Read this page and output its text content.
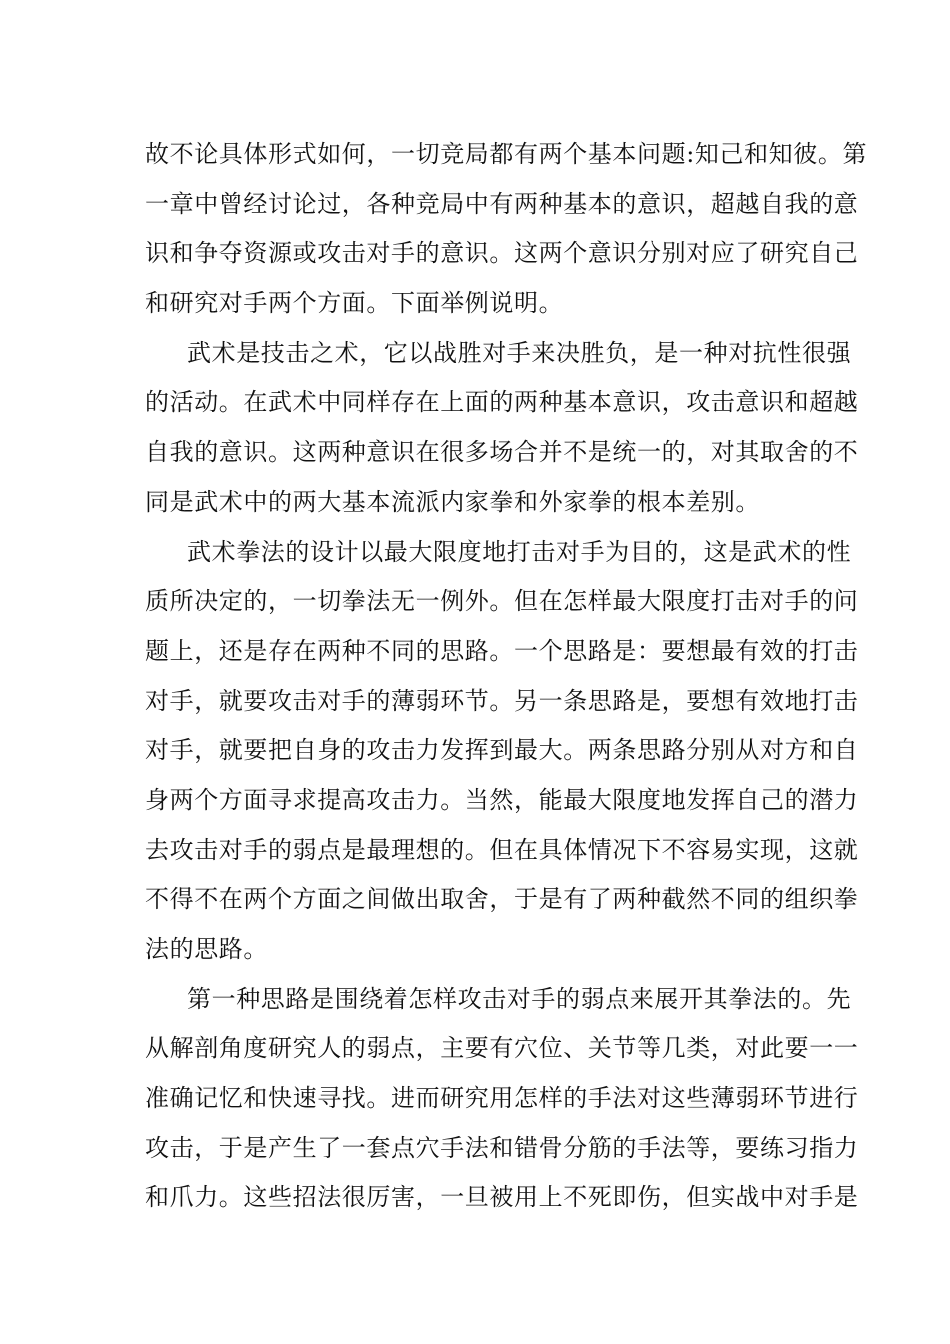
故不论具体形式如何，一切竞局都有两个基本问题:知己和知彼。第
一章中曾经讨论过，各种竞局中有两种基本的意识，超越自我的意
识和争夺资源或攻击对手的意识。这两个意识分别对应了研究自己
和研究对手两个方面。下面举例说明。
武术是技击之术，它以战胜对手来决胜负，是一种对抗性很强
的活动。在武术中同样存在上面的两种基本意识，攻击意识和超越
自我的意识。这两种意识在很多场合并不是统一的，对其取舍的不
同是武术中的两大基本流派内家拳和外家拳的根本差别。
武术拳法的设计以最大限度地打击对手为目的，这是武术的性
质所决定的，一切拳法无一例外。但在怎样最大限度打击对手的问
题上，还是存在两种不同的思路。一个思路是：要想最有效的打击
对手，就要攻击对手的薄弱环节。另一条思路是，要想有效地打击
对手，就要把自身的攻击力发挥到最大。两条思路分别从对方和自
身两个方面寻求提高攻击力。当然，能最大限度地发挥自己的潜力
去攻击对手的弱点是最理想的。但在具体情况下不容易实现，这就
不得不在两个方面之间做出取舍，于是有了两种截然不同的组织拳
法的思路。
第一种思路是围绕着怎样攻击对手的弱点来展开其拳法的。先
从解剖角度研究人的弱点，主要有穴位、关节等几类，对此要一一
准确记忆和快速寻找。进而研究用怎样的手法对这些薄弱环节进行
攻击，于是产生了一套点穴手法和错骨分筋的手法等，要练习指力
和爪力。这些招法很厉害，一旦被用上不死即伤，但实战中对手是
